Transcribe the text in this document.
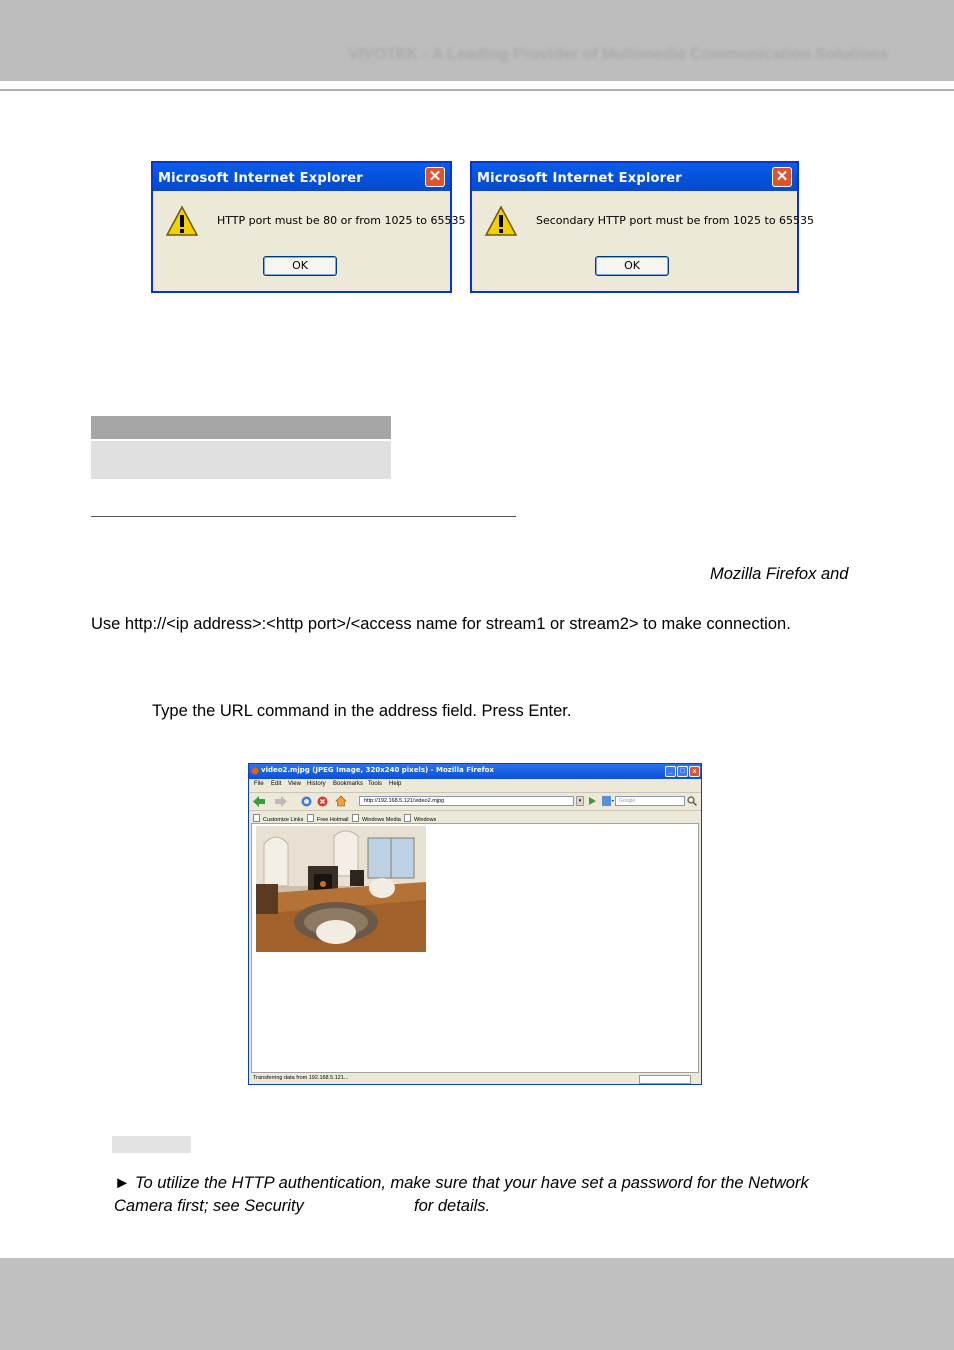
VIVOTEK - A Leading Provider of Multimedia Communication Solutions
Microsoft Internet Explorer	✕
HTTP port must be 80 or from 1025 to 65535
OK
Microsoft Internet Explorer	✕
Secondary HTTP port must be from 1025 to 65535
OK
Mozilla Firefox and
Use http://<ip address>:<http port>/<access name for stream1 or stream2> to make connection.
Type the URL command in the address field. Press Enter.
video2.mjpg (JPEG Image, 320x240 pixels) - Mozilla Firefox	_	□	x
File Edit View History Bookmarks Tools Help
http://192.168.5.121/video2.mjpg	▾	Google
Customize Links	Free Hotmail	Windows Media	Windows
Transferring data from 192.168.5.121...
► To utilize the HTTP authentication, make sure that your have set a password for the Network
Camera first; see Security	for details.
